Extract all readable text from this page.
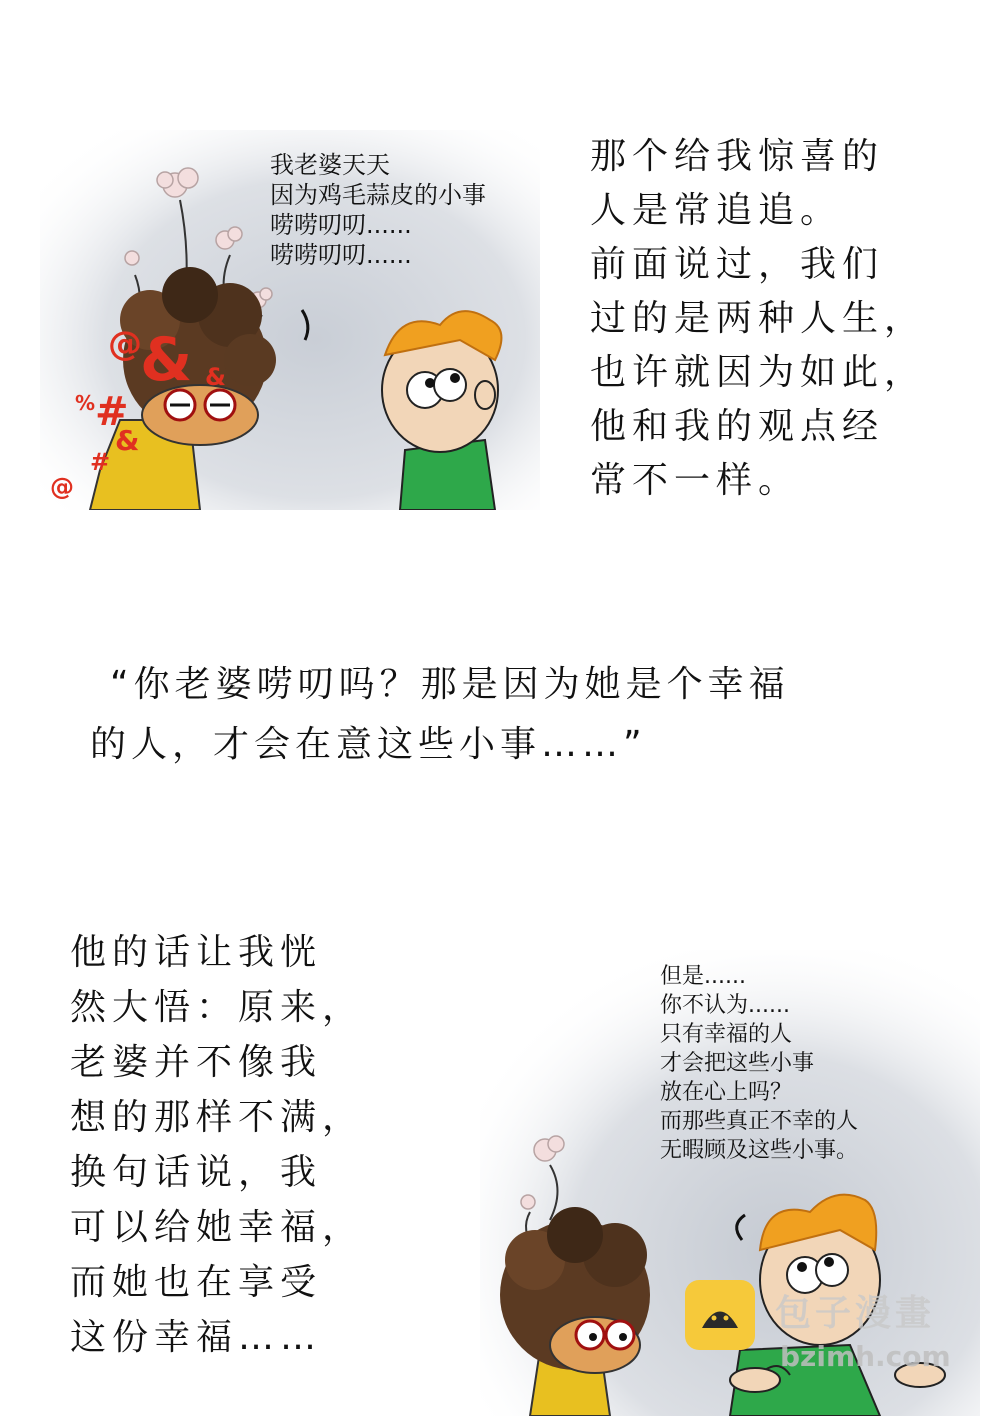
@
&
#
&
%
&
@
#
我老婆天天
因为鸡毛蒜皮的小事
唠唠叨叨......
唠唠叨叨......
那个给我惊喜的
人是常追追。
前面说过，我们
过的是两种人生，
也许就因为如此，
他和我的观点经
常不一样。
“你老婆唠叨吗？那是因为她是个幸福
的人，才会在意这些小事……”
他的话让我恍
然大悟：原来，
老婆并不像我
想的那样不满，
换句话说，我
可以给她幸福，
而她也在享受
这份幸福……
但是......
你不认为......
只有幸福的人
才会把这些小事
放在心上吗？
而那些真正不幸的人
无暇顾及这些小事。
包子漫畫
bzimh.com
